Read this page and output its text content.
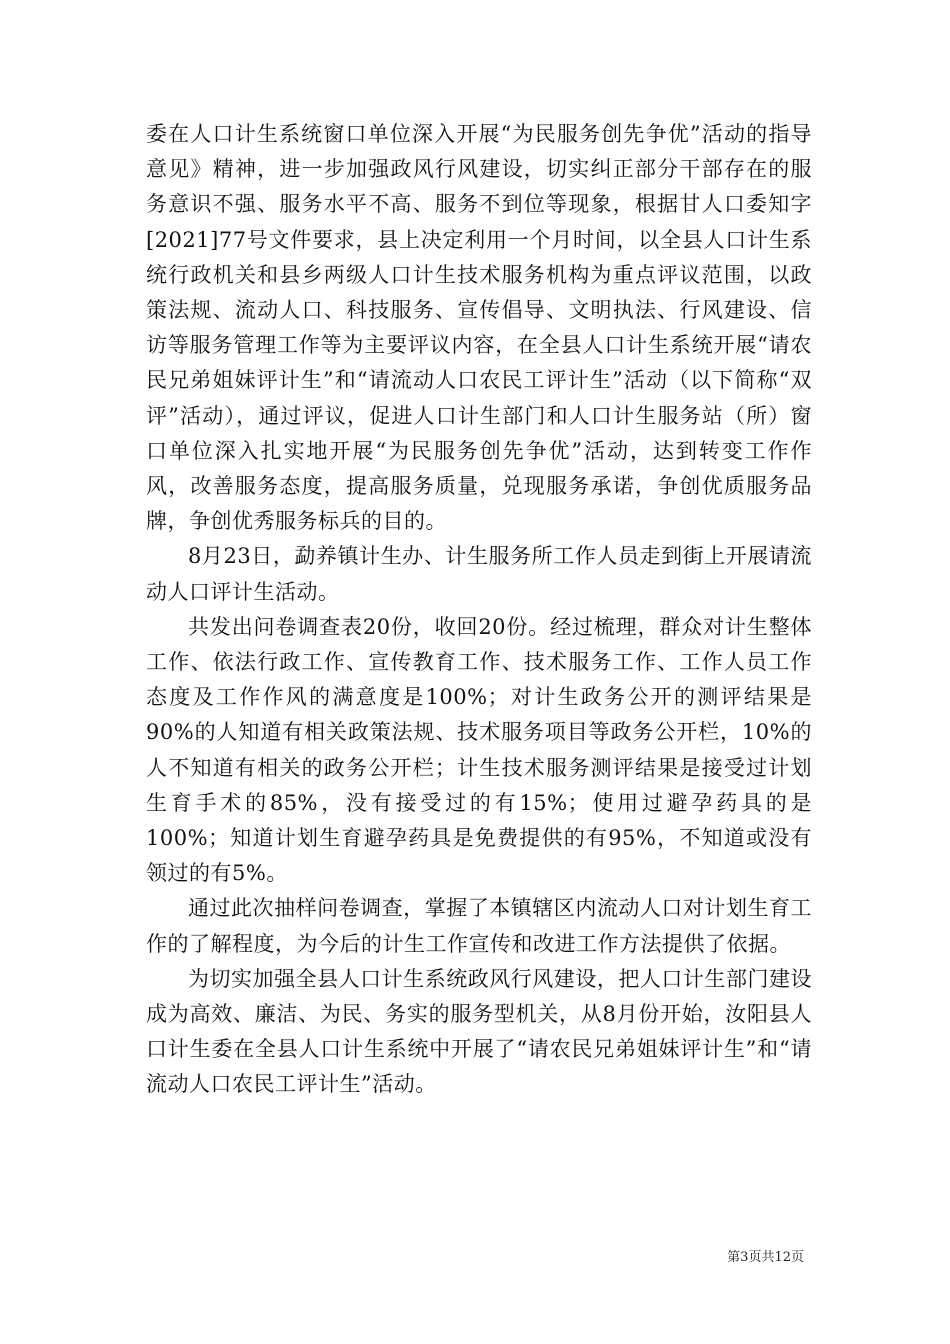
委在人口计生系统窗口单位深入开展“为民服务创先争优”活动的指导意见》精神，进一步加强政风行风建设，切实纠正部分干部存在的服务意识不强、服务水平不高、服务不到位等现象，根据甘人口委知字[2021]77号文件要求，县上决定利用一个月时间，以全县人口计生系统行政机关和县乡两级人口计生技术服务机构为重点评议范围，以政策法规、流动人口、科技服务、宣传倡导、文明执法、行风建设、信访等服务管理工作等为主要评议内容，在全县人口计生系统开展“请农民兄弟姐妹评计生”和“请流动人口农民工评计生”活动（以下简称“双评”活动），通过评议，促进人口计生部门和人口计生服务站（所）窗口单位深入扎实地开展“为民服务创先争优”活动，达到转变工作作风，改善服务态度，提高服务质量，兑现服务承诺，争创优质服务品牌，争创优秀服务标兵的目的。

8月23日，勐养镇计生办、计生服务所工作人员走到街上开展请流动人口评计生活动。

共发出问卷调查表20份，收回20份。经过梳理，群众对计生整体工作、依法行政工作、宣传教育工作、技术服务工作、工作人员工作态度及工作作风的满意度是100%；对计生政务公开的测评结果是90%的人知道有相关政策法规、技术服务项目等政务公开栏，10%的人不知道有相关的政务公开栏；计生技术服务测评结果是接受过计划生育手术的85%，没有接受过的有15%；使用过避孕药具的是100%；知道计划生育避孕药具是免费提供的有95%，不知道或没有领过的有5%。

通过此次抽样问卷调查，掌握了本镇辖区内流动人口对计划生育工作的了解程度，为今后的计生工作宣传和改进工作方法提供了依据。

为切实加强全县人口计生系统政风行风建设，把人口计生部门建设成为高效、廉洁、为民、务实的服务型机关，从8月份开始，汝阳县人口计生委在全县人口计生系统中开展了“请农民兄弟姐妹评计生”和“请流动人口农民工评计生”活动。

第3页共12页
